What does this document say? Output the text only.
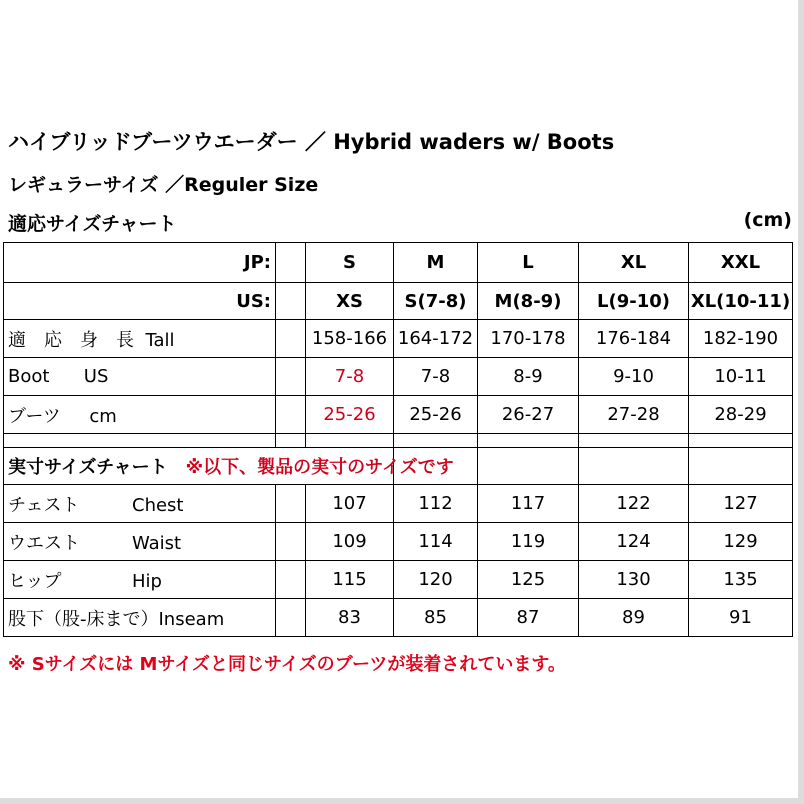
ハイブリッドブーツウエーダー ／ Hybrid waders w/ Boots
レギュラーサイズ ／Reguler Size
適応サイズチャート	(cm)
JP:		S	M	L	XL	XXL
US:		XS	S(7-8)	M(8-9)	L(9-10)	XL(10-11)
適　応　身　長 Tall		158-166	164-172	170-178	176-184	182-190
Boot US		7-8	7-8	8-9	9-10	10-11
ブーツ cm		25-26	25-26	26-27	27-28	28-29

実寸サイズチャート ※以下、製品の実寸のサイズです						
チェスト Chest		107	112	117	122	127
ウエスト Waist		109	114	119	124	129
ヒップ Hip		115	120	125	130	135
股下（股-床まで）Inseam		83	85	87	89	91
※ Sサイズには Mサイズと同じサイズのブーツが装着されています。
